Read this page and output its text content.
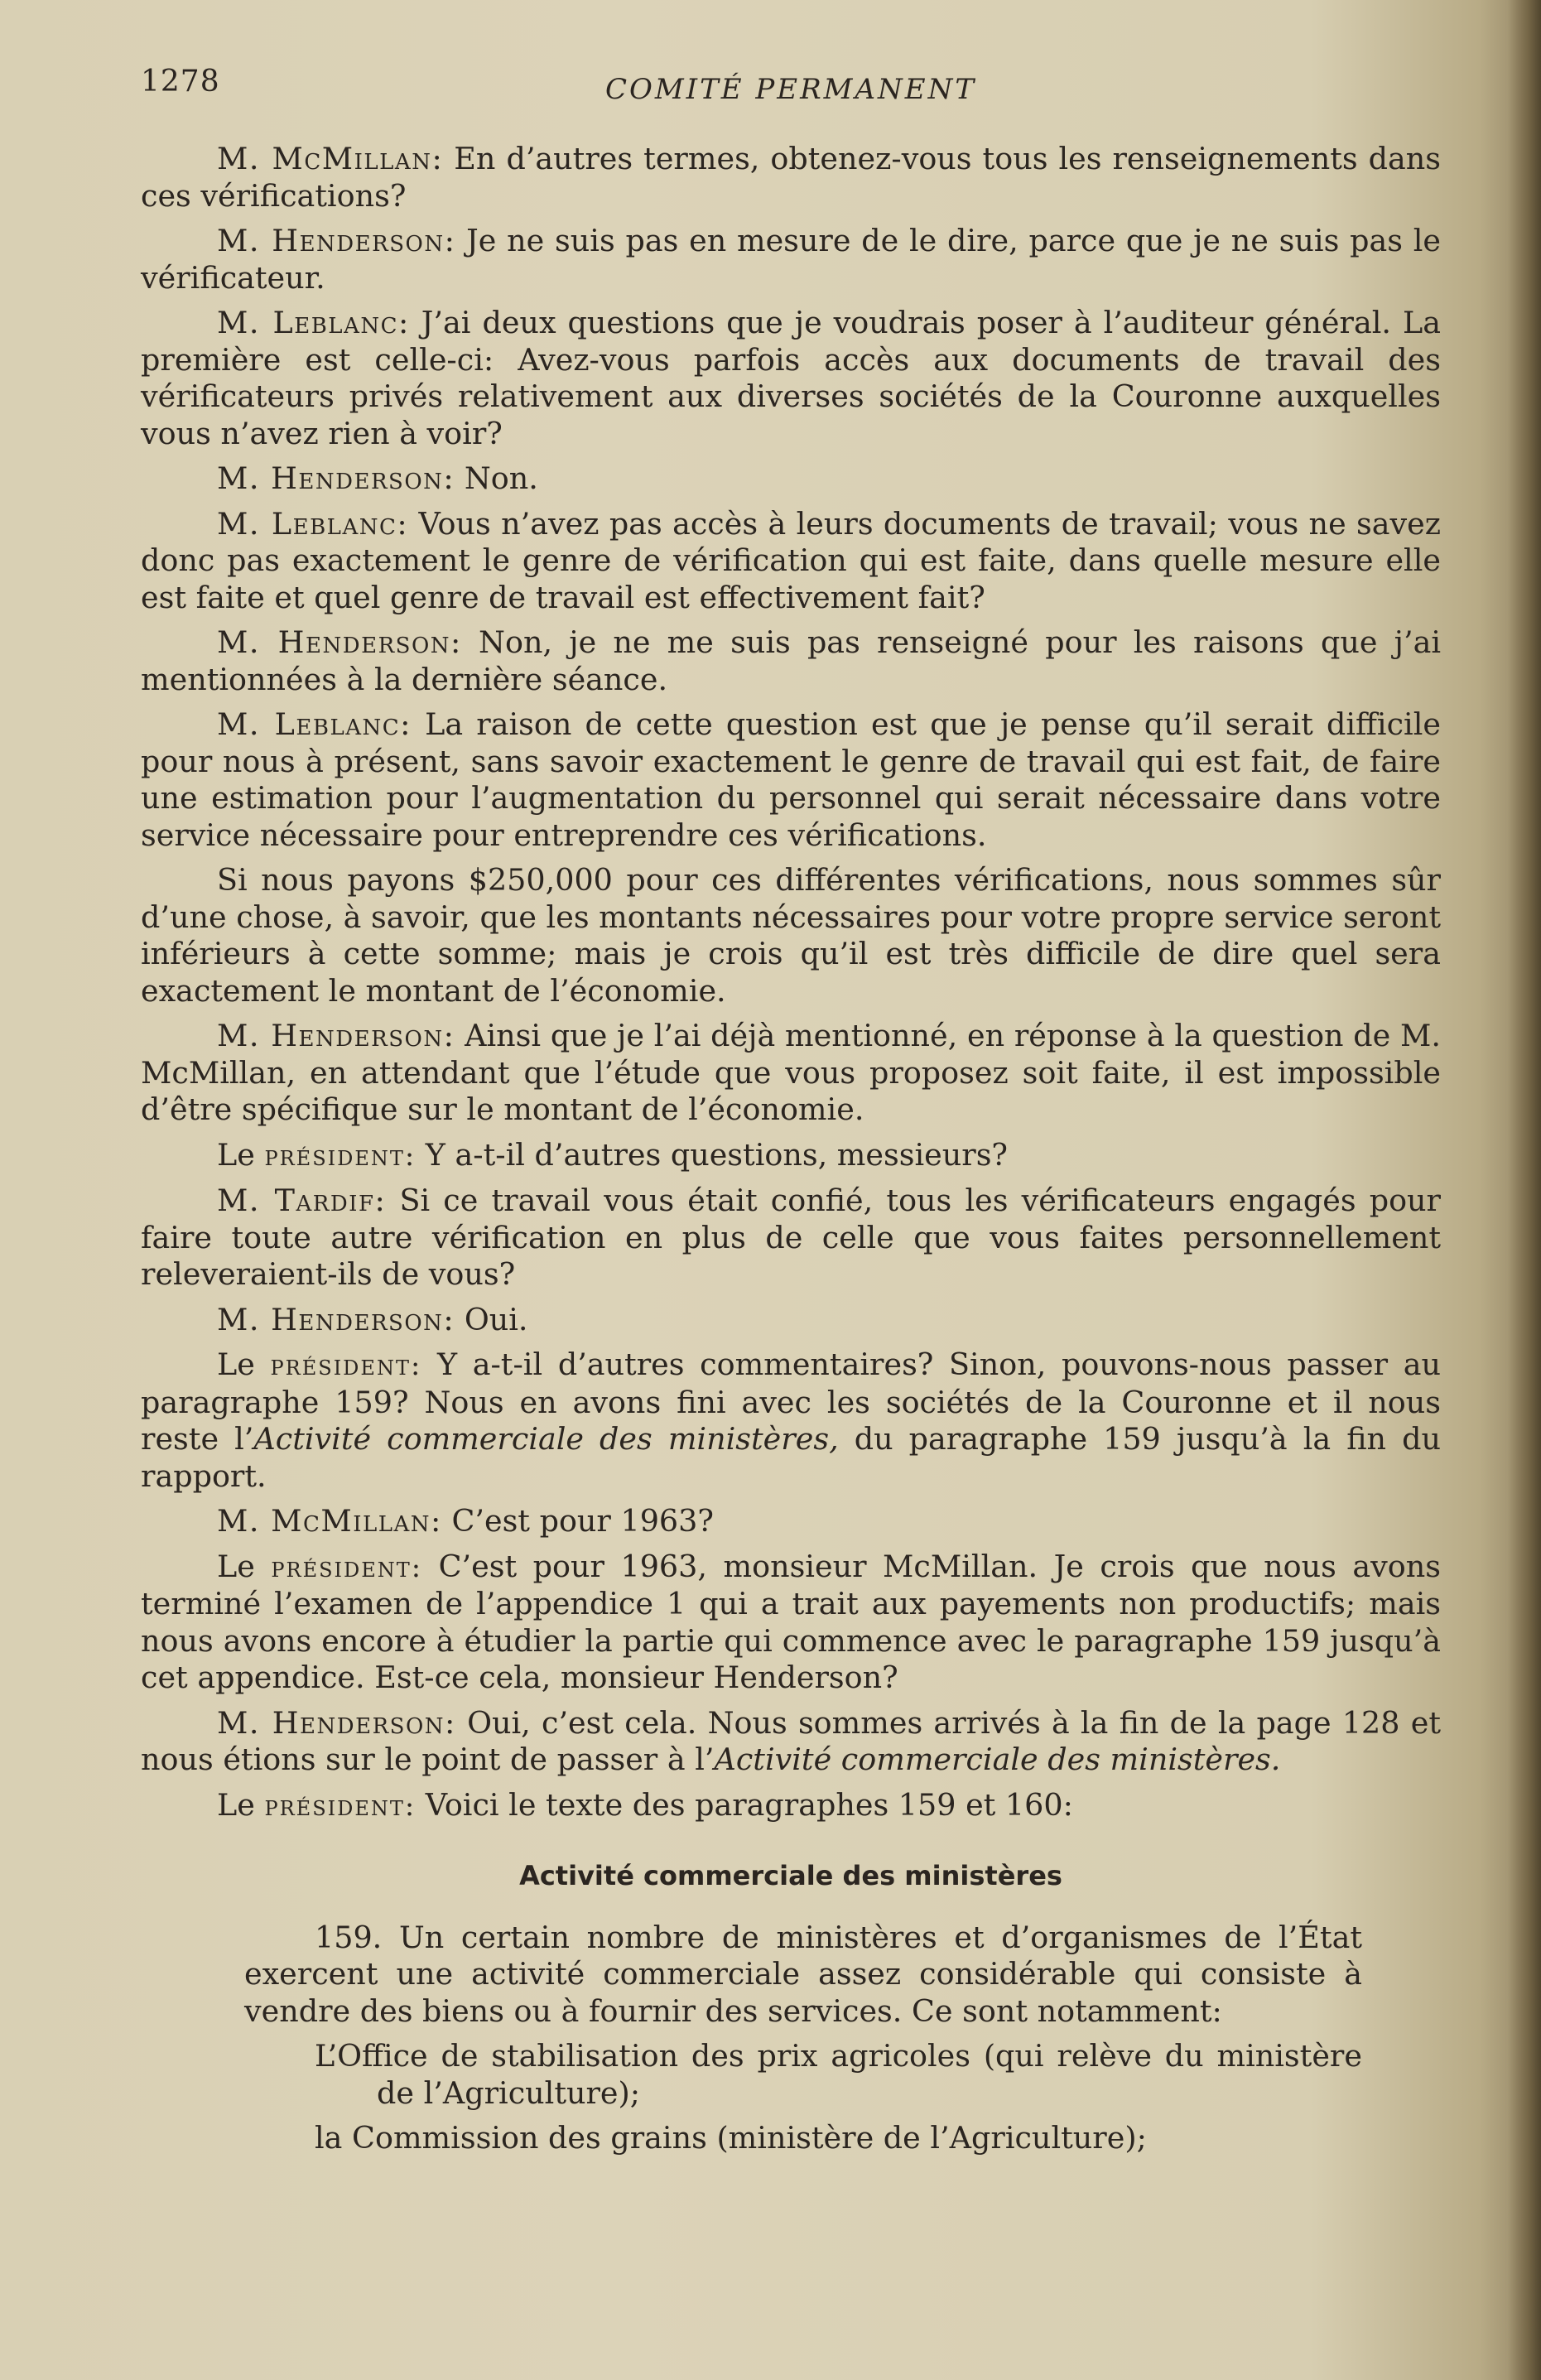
1278	COMITÉ PERMANENT

M. McMillan: En d’autres termes, obtenez-vous tous les renseignements dans ces vérifications?

M. Henderson: Je ne suis pas en mesure de le dire, parce que je ne suis pas le vérificateur.

M. Leblanc: J’ai deux questions que je voudrais poser à l’auditeur général. La première est celle-ci: Avez-vous parfois accès aux documents de travail des vérificateurs privés relativement aux diverses sociétés de la Couronne auxquelles vous n’avez rien à voir?

M. Henderson: Non.

M. Leblanc: Vous n’avez pas accès à leurs documents de travail; vous ne savez donc pas exactement le genre de vérification qui est faite, dans quelle mesure elle est faite et quel genre de travail est effectivement fait?

M. Henderson: Non, je ne me suis pas renseigné pour les raisons que j’ai mentionnées à la dernière séance.

M. Leblanc: La raison de cette question est que je pense qu’il serait difficile pour nous à présent, sans savoir exactement le genre de travail qui est fait, de faire une estimation pour l’augmentation du personnel qui serait nécessaire dans votre service nécessaire pour entreprendre ces vérifications.

Si nous payons $250,000 pour ces différentes vérifications, nous sommes sûr d’une chose, à savoir, que les montants nécessaires pour votre propre service seront inférieurs à cette somme; mais je crois qu’il est très difficile de dire quel sera exactement le montant de l’économie.

M. Henderson: Ainsi que je l’ai déjà mentionné, en réponse à la question de M. McMillan, en attendant que l’étude que vous proposez soit faite, il est impossible d’être spécifique sur le montant de l’économie.

Le président: Y a-t-il d’autres questions, messieurs?

M. Tardif: Si ce travail vous était confié, tous les vérificateurs engagés pour faire toute autre vérification en plus de celle que vous faites personnellement releveraient-ils de vous?

M. Henderson: Oui.

Le président: Y a-t-il d’autres commentaires? Sinon, pouvons-nous passer au paragraphe 159? Nous en avons fini avec les sociétés de la Couronne et il nous reste l’Activité commerciale des ministères, du paragraphe 159 jusqu’à la fin du rapport.

M. McMillan: C’est pour 1963?

Le président: C’est pour 1963, monsieur McMillan. Je crois que nous avons terminé l’examen de l’appendice 1 qui a trait aux payements non productifs; mais nous avons encore à étudier la partie qui commence avec le paragraphe 159 jusqu’à cet appendice. Est-ce cela, monsieur Henderson?

M. Henderson: Oui, c’est cela. Nous sommes arrivés à la fin de la page 128 et nous étions sur le point de passer à l’Activité commerciale des ministères.

Le président: Voici le texte des paragraphes 159 et 160:

Activité commerciale des ministères

159. Un certain nombre de ministères et d’organismes de l’État exercent une activité commerciale assez considérable qui consiste à vendre des biens ou à fournir des services. Ce sont notamment:

L’Office de stabilisation des prix agricoles (qui relève du ministère de l’Agriculture);

la Commission des grains (ministère de l’Agriculture);
